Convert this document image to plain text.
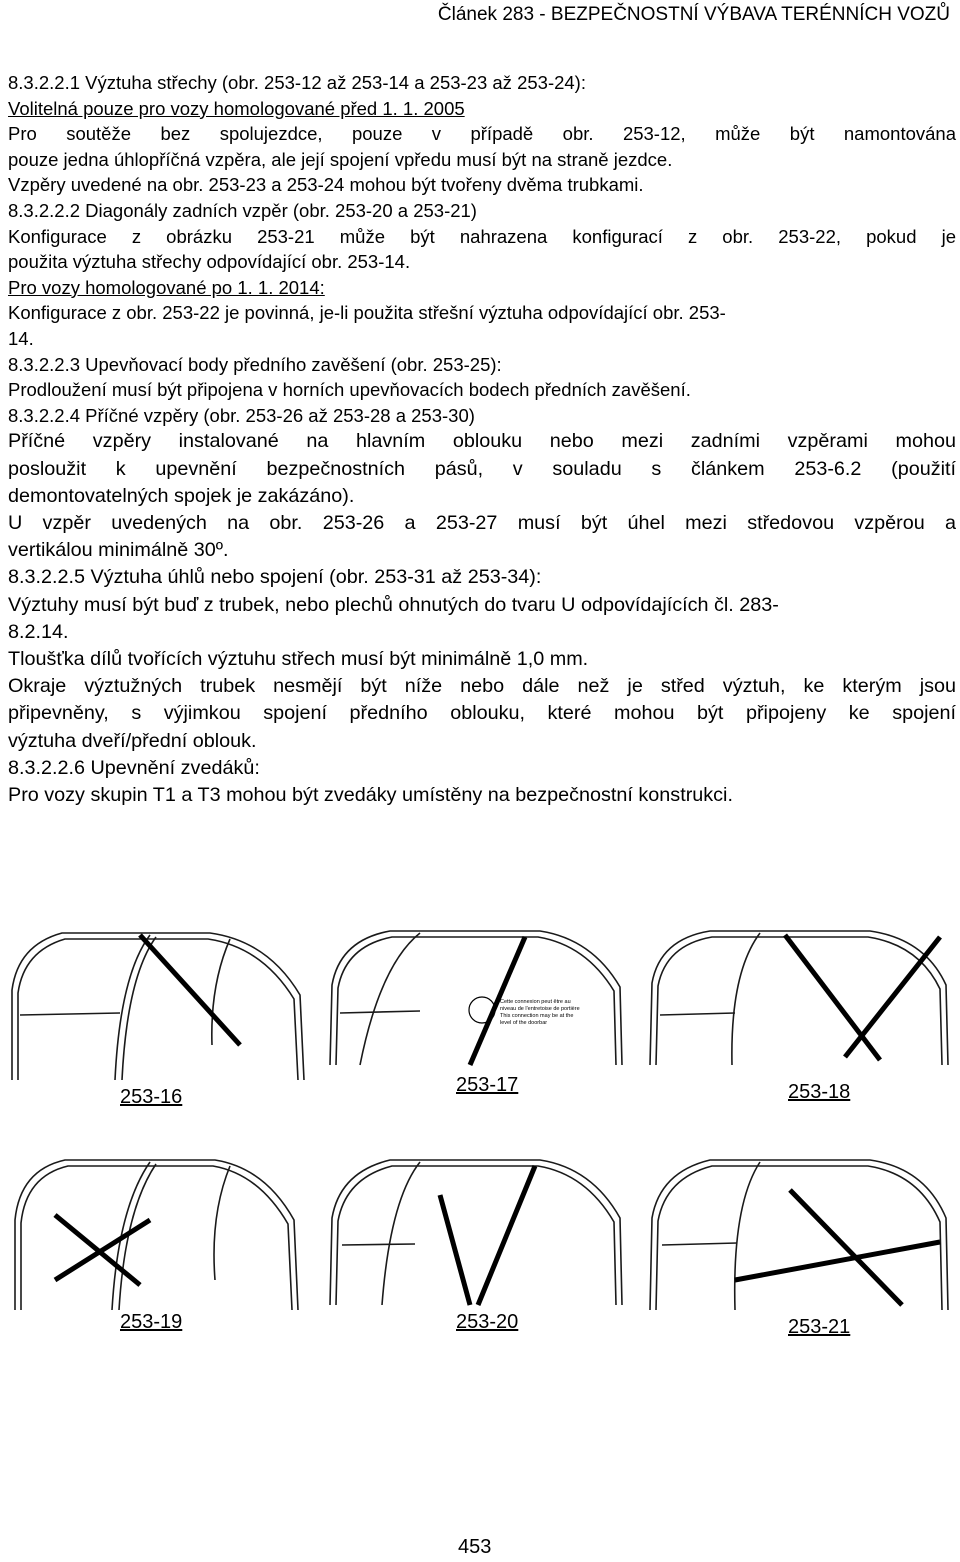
Článek 283 - BEZPEČNOSTNÍ VÝBAVA TERÉNNÍCH VOZŮ
8.3.2.2.1 Výztuha střechy (obr. 253-12 až 253-14 a 253-23 až 253-24):
Volitelná pouze pro vozy homologované před 1. 1. 2005
Pro soutěže bez spolujezdce, pouze v případě obr. 253-12, může být namontována
pouze jedna úhlopříčná vzpěra, ale její spojení vpředu musí být na straně jezdce.
Vzpěry uvedené na obr. 253-23 a 253-24 mohou být tvořeny dvěma trubkami.
8.3.2.2.2 Diagonály zadních vzpěr (obr. 253-20 a 253-21)
Konfigurace z obrázku 253-21 může být nahrazena konfigurací z obr. 253-22, pokud je
použita výztuha střechy odpovídající obr. 253-14.
Pro vozy homologované po 1. 1. 2014:
Konfigurace z obr. 253-22 je povinná, je-li použita střešní výztuha odpovídající obr. 253-
14.
8.3.2.2.3 Upevňovací body předního zavěšení (obr. 253-25):
Prodloužení musí být připojena v horních upevňovacích bodech předních zavěšení.
8.3.2.2.4 Příčné vzpěry (obr. 253-26 až 253-28 a 253-30)
Příčné vzpěry instalované na hlavním oblouku nebo mezi zadními vzpěrami mohou
posloužit k upevnění bezpečnostních pásů, v souladu s článkem 253-6.2 (použití
demontovatelných spojek je zakázáno).
U vzpěr uvedených na obr. 253-26 a 253-27 musí být úhel mezi středovou vzpěrou a
vertikálou minimálně 30º.
8.3.2.2.5 Výztuha úhlů nebo spojení (obr. 253-31 až 253-34):
Výztuhy musí být buď z trubek, nebo plechů ohnutých do tvaru U odpovídajících čl. 283-
8.2.14.
Tloušťka dílů tvořících výztuhu střech musí být minimálně 1,0 mm.
Okraje výztužných trubek nesmějí být níže nebo dále než je střed výztuh, ke kterým jsou
připevněny, s výjimkou spojení předního oblouku, které mohou být připojeny ke spojení
výztuha dveří/přední oblouk.
8.3.2.2.6 Upevnění zvedáků:
Pro vozy skupin T1 a T3 mohou být zvedáky umístěny na bezpečnostní konstrukci.
253-16
Cette connexion peut être au
niveau de l'entretoise de portière
This connection may be at the
level of the doorbar
253-17	253-18
253-19	253-20	253-21
453
